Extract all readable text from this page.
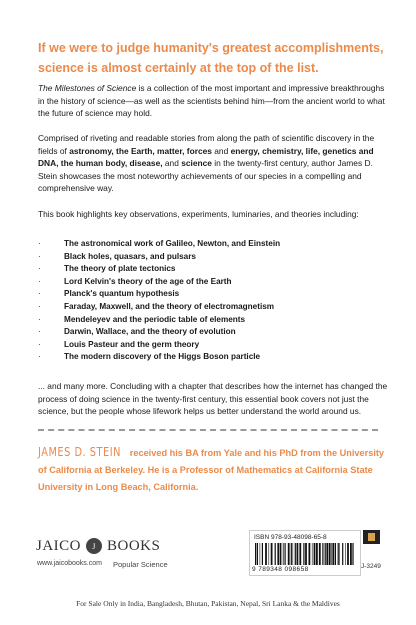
If we were to judge humanity's greatest accomplishments, science is almost certainly at the top of the list.
The Milestones of Science is a collection of the most important and impressive breakthroughs in the history of science—as well as the scientists behind him—from the ancient world to what the future of science may hold.
Comprised of riveting and readable stories from along the path of scientific discovery in the fields of astronomy, the Earth, matter, forces and energy, chemistry, life, genetics and DNA, the human body, disease, and science in the twenty-first century, author James D. Stein showcases the most noteworthy achievements of our species in a compelling and comprehensive way.
This book highlights key observations, experiments, luminaries, and theories including:
·	The astronomical work of Galileo, Newton, and Einstein
·	Black holes, quasars, and pulsars
·	The theory of plate tectonics
·	Lord Kelvin's theory of the age of the Earth
·	Planck's quantum hypothesis
·	Faraday, Maxwell, and the theory of electromagnetism
·	Mendeleyev and the periodic table of elements
·	Darwin, Wallace, and the theory of evolution
·	Louis Pasteur and the germ theory
·	The modern discovery of the Higgs Boson particle
... and many more. Concluding with a chapter that describes how the internet has changed the process of doing science in the twenty-first century, this essential book covers not just the science, but the people whose lifework helps us better understand the world around us.
JAMES D. STEIN received his BA from Yale and his PhD from the University of California at Berkeley. He is a Professor of Mathematics at California State University in Long Beach, California.
JAICO	J BOOKS
www.jaicobooks.com Popular Science
ISBN 978-93-48098-65-8
9 789348 098658	J-3249
For Sale Only in India, Bangladesh, Bhutan, Pakistan, Nepal, Sri Lanka & the Maldives
